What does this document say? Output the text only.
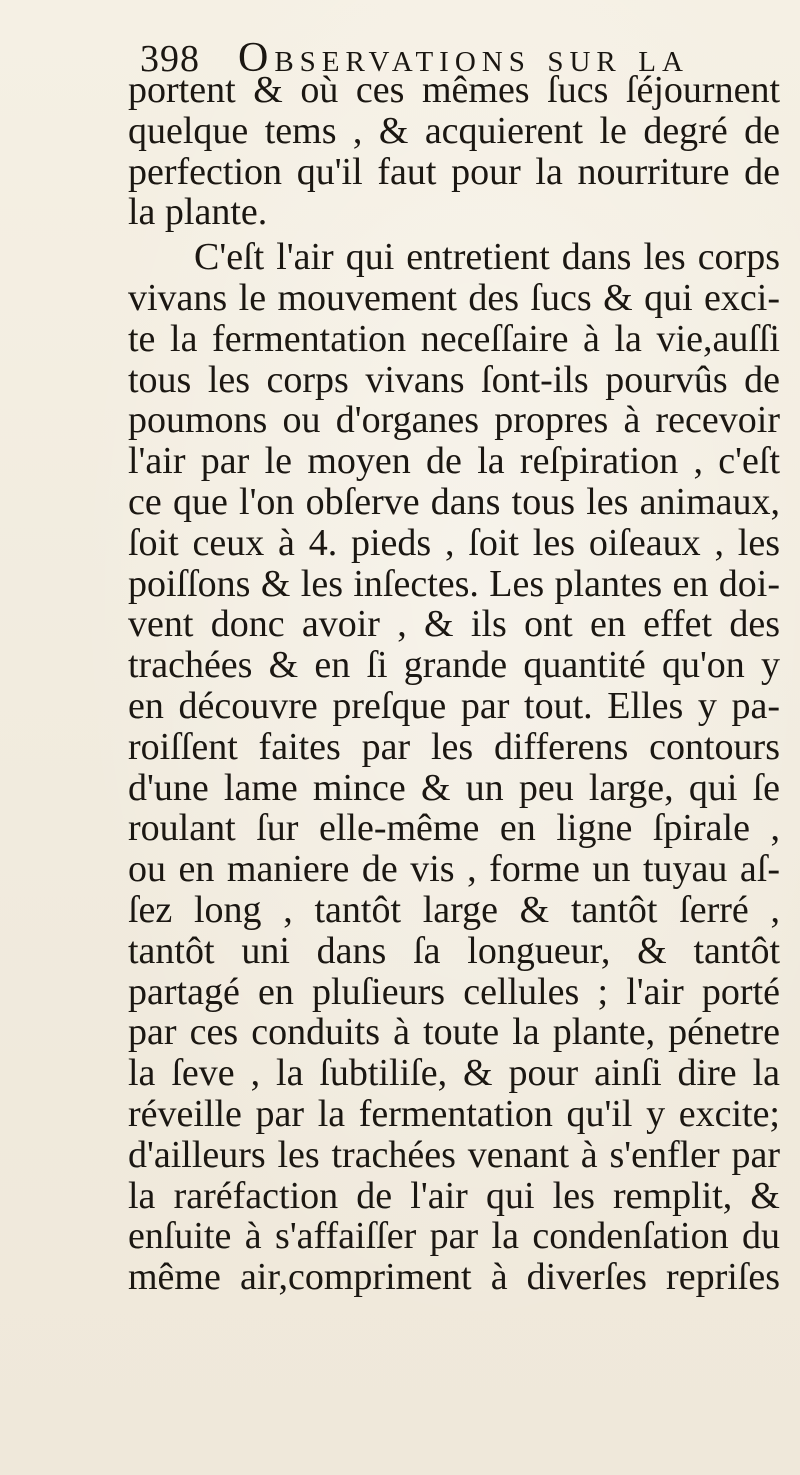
398 Observations sur la
portent & où ces mêmes ſucs ſéjournent
quelque tems , & acquierent le degré de
perfection qu'il faut pour la nourriture de
la plante.
C'eſt l'air qui entretient dans les corps
vivans le mouvement des ſucs & qui exci-
te la fermentation neceſſaire à la vie,auſſi
tous les corps vivans ſont-ils pourvûs de
poumons ou d'organes propres à recevoir
l'air par le moyen de la reſpiration , c'eſt
ce que l'on obſerve dans tous les animaux,
ſoit ceux à 4. pieds , ſoit les oiſeaux , les
poiſſons & les inſectes. Les plantes en doi-
vent donc avoir , & ils ont en effet des
trachées & en ſi grande quantité qu'on y
en découvre preſque par tout. Elles y pa-
roiſſent faites par les differens contours
d'une lame mince & un peu large, qui ſe
roulant ſur elle-même en ligne ſpirale ,
ou en maniere de vis , forme un tuyau aſ-
ſez long , tantôt large & tantôt ſerré ,
tantôt uni dans ſa longueur, & tantôt
partagé en pluſieurs cellules ; l'air porté
par ces conduits à toute la plante, pénetre
la ſeve , la ſubtiliſe, & pour ainſi dire la
réveille par la fermentation qu'il y excite;
d'ailleurs les trachées venant à s'enfler par
la raréfaction de l'air qui les remplit, &
enſuite à s'affaiſſer par la condenſation du
même air,compriment à diverſes repriſes
